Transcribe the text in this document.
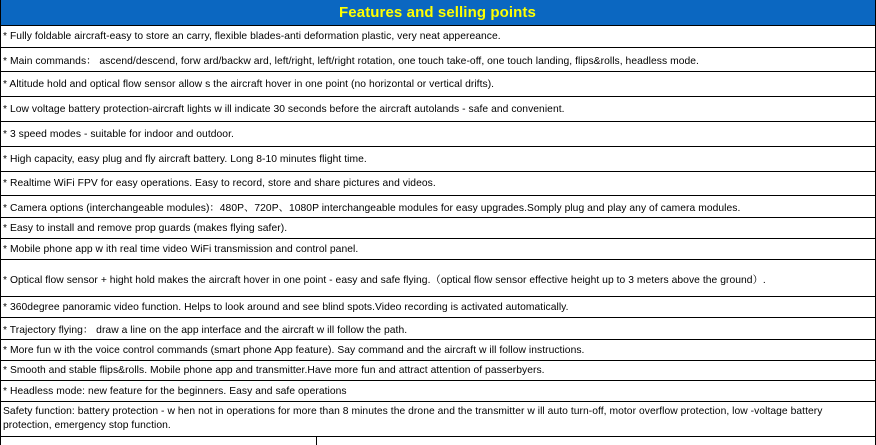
Features and selling points
* Fully foldable aircraft-easy to store an carry, flexible blades-anti deformation plastic, very neat appereance.
* Main commands： ascend/descend, forw ard/backw ard, left/right, left/right rotation, one touch take-off, one touch landing, flips&rolls, headless mode.
* Altitude hold and optical flow sensor allow s the aircraft hover in one point (no horizontal or vertical drifts).
* Low voltage battery protection-aircraft lights w ill indicate 30 seconds before the aircraft autolands - safe and convenient.
* 3 speed modes - suitable for indoor and outdoor.
* High capacity, easy plug and fly aircraft battery. Long 8-10 minutes flight time.
* Realtime WiFi FPV for easy operations. Easy to record, store and share pictures and videos.
* Camera options (interchangeable modules)：480P、720P、1080P interchangeable modules for easy upgrades.Somply plug and play any of camera modules.
* Easy to install and remove prop guards (makes flying safer).
* Mobile phone app w ith real time video WiFi transmission and control panel.
* Optical flow sensor + hight hold makes the aircraft hover in one point - easy and safe flying.（optical flow sensor effective height up to 3 meters above the ground）.
* 360degree panoramic video function. Helps to look around and see blind spots.Video recording is activated automatically.
* Trajectory flying： draw a line on the app interface and the aircraft w ill follow the path.
* More fun w ith the voice control commands (smart phone App feature). Say command and the aircraft w ill follow instructions.
* Smooth and stable flips&rolls. Mobile phone app and transmitter.Have more fun and attract attention of passerbyers.
* Headless mode: new feature for the beginners. Easy and safe operations
Safety function: battery protection - w hen not in operations for more than 8 minutes the drone and the transmitter w ill auto turn-off, motor overflow protection, low -voltage battery protection, emergency stop function.
